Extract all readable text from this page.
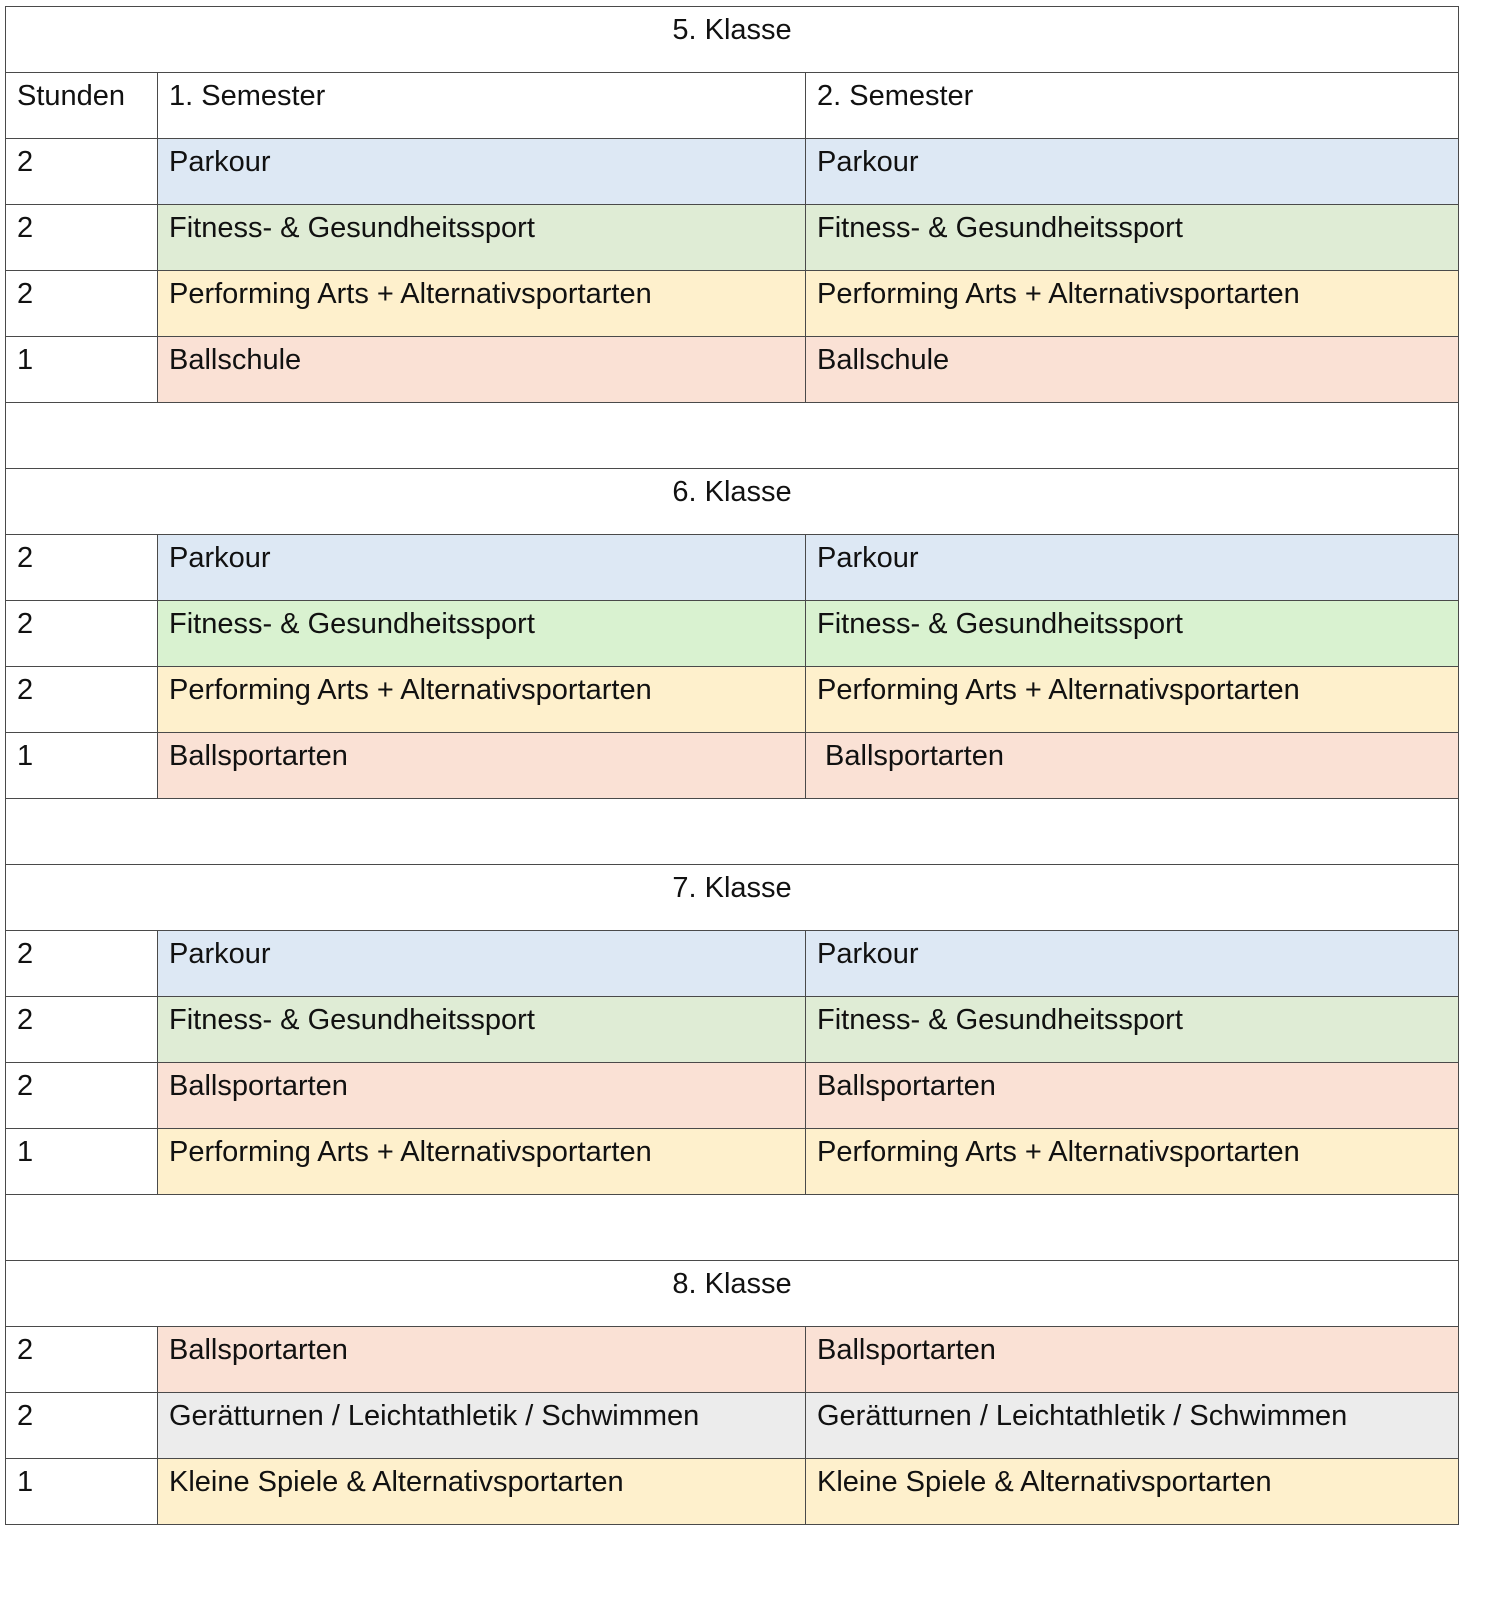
5. Klasse		
Stunden	1. Semester	2. Semester
2	Parkour	Parkour
2	Fitness- & Gesundheitssport	Fitness- & Gesundheitssport
2	Performing Arts + Alternativsportarten	Performing Arts + Alternativsportarten
1	Ballschule	Ballschule

6. Klasse		
2	Parkour	Parkour
2	Fitness- & Gesundheitssport	Fitness- & Gesundheitssport
2	Performing Arts + Alternativsportarten	Performing Arts + Alternativsportarten
1	Ballsportarten	Ballsportarten

7. Klasse		
2	Parkour	Parkour
2	Fitness- & Gesundheitssport	Fitness- & Gesundheitssport
2	Ballsportarten	Ballsportarten
1	Performing Arts + Alternativsportarten	Performing Arts + Alternativsportarten

8. Klasse		
2	Ballsportarten	Ballsportarten
2	Gerätturnen / Leichtathletik / Schwimmen	Gerätturnen / Leichtathletik / Schwimmen
1	Kleine Spiele & Alternativsportarten	Kleine Spiele & Alternativsportarten
